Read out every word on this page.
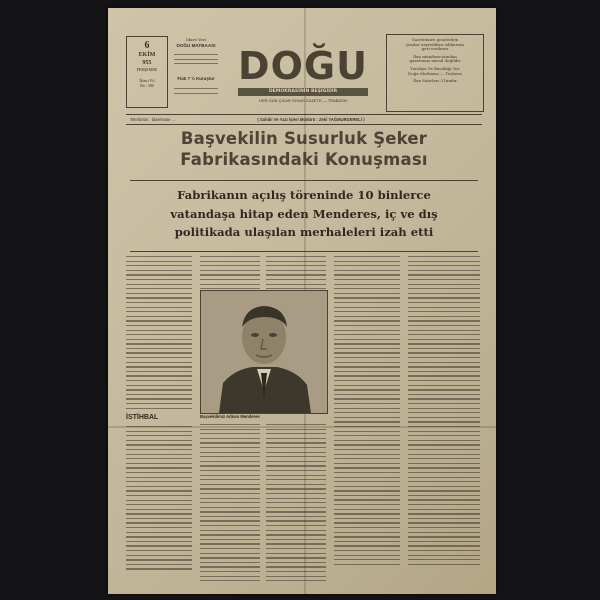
6
EKİM
955
PERŞEMBE
İkinci Yıl
No : 300
İdare Yeri
DOĞU MATBAASI
Fiatı 7 ½ Kuruştur DOĞU
DEMOKRASİNİN BEŞİĞİDİR
HER GÜN ÇIKAR SİYASİ GAZETE — TRABZON
Gazetemize gönderilen
yazılar neşredilsin edilmesin
geri verilmez
İlan mündericatından
gazetemiz mesul değildir
Tarabya Ve Basıldığı Yer
Doğu Matbaası — Trabzon
İlan Satırları 3 liradır
Telefonlar : İdarehane …	( Sahibi Ve Yazı İşleri Müdürü : Zeki YAĞMURDERELİ )
Başvekilin Susurluk Şeker
Fabrikasındaki Konuşması
Fabrikanın açılış töreninde 10 binlerce
vatandaşa hitap eden Menderes, iç ve dış
politikada ulaşılan merhaleleri izah etti
Başvekilimiz Adnan Menderes
İSTİHBAL
